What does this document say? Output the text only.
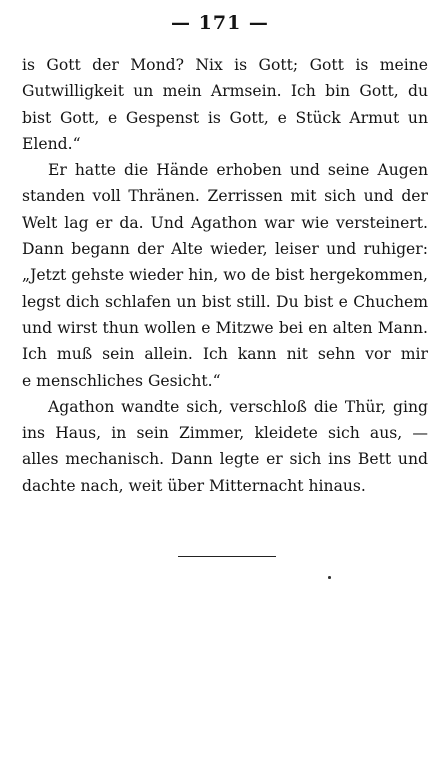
— 171 —
is Gott der Mond? Nix is Gott; Gott is meine
Gutwilligkeit un mein Armsein. Ich bin Gott, du
bist Gott, e Gespenst is Gott, e Stück Armut un
Elend.“
Er hatte die Hände erhoben und seine Augen
standen voll Thränen. Zerrissen mit sich und der
Welt lag er da. Und Agathon war wie versteinert.
Dann begann der Alte wieder, leiser und ruhiger:
„Jetzt gehste wieder hin, wo de bist hergekommen,
legst dich schlafen un bist still. Du bist e Chuchem
und wirst thun wollen e Mitzwe bei en alten Mann.
Ich muß sein allein. Ich kann nit sehn vor mir
e menschliches Gesicht.“
Agathon wandte sich, verschloß die Thür, ging
ins Haus, in sein Zimmer, kleidete sich aus, —
alles mechanisch. Dann legte er sich ins Bett und
dachte nach, weit über Mitternacht hinaus.
